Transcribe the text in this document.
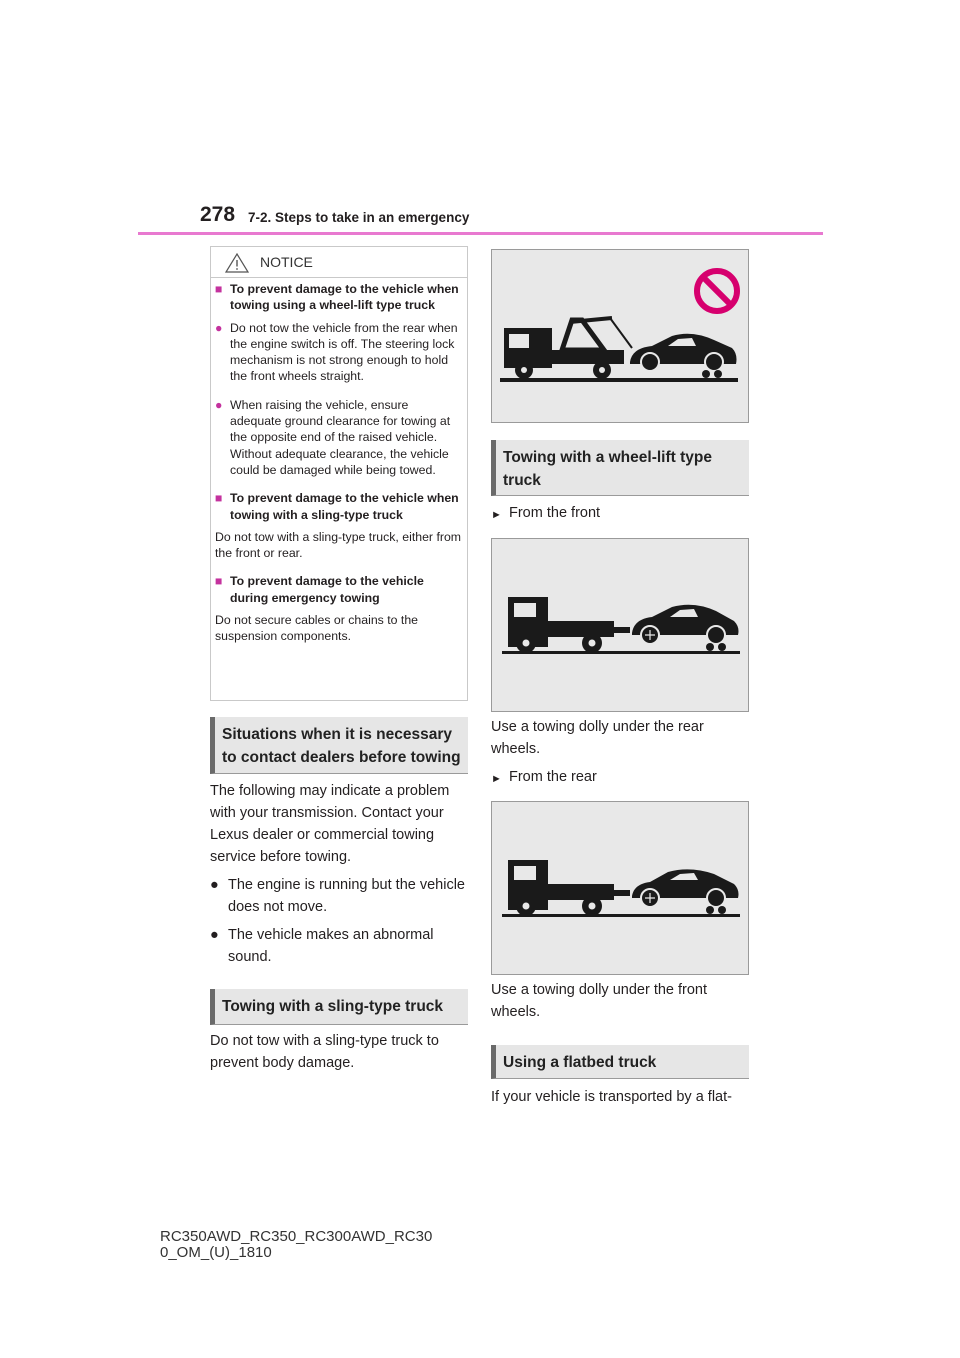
278 7-2. Steps to take in an emergency
NOTICE
■ To prevent damage to the vehicle when towing using a wheel-lift type truck
● Do not tow the vehicle from the rear when the engine switch is off. The steering lock mechanism is not strong enough to hold the front wheels straight.
● When raising the vehicle, ensure adequate ground clearance for towing at the opposite end of the raised vehicle. Without adequate clearance, the vehicle could be damaged while being towed.
■ To prevent damage to the vehicle when towing with a sling-type truck
Do not tow with a sling-type truck, either from the front or rear.
■ To prevent damage to the vehicle during emergency towing
Do not secure cables or chains to the suspension components.
Situations when it is necessary to contact dealers before towing
The following may indicate a problem with your transmission. Contact your Lexus dealer or commercial towing service before towing.
● The engine is running but the vehicle does not move.
● The vehicle makes an abnormal sound.
Towing with a sling-type truck
Do not tow with a sling-type truck to prevent body damage.
Towing with a wheel-lift type truck
► From the front
Use a towing dolly under the rear wheels.
► From the rear
Use a towing dolly under the front wheels.
Using a flatbed truck
If your vehicle is transported by a flat-
RC350AWD_RC350_RC300AWD_RC30
0_OM_(U)_1810
